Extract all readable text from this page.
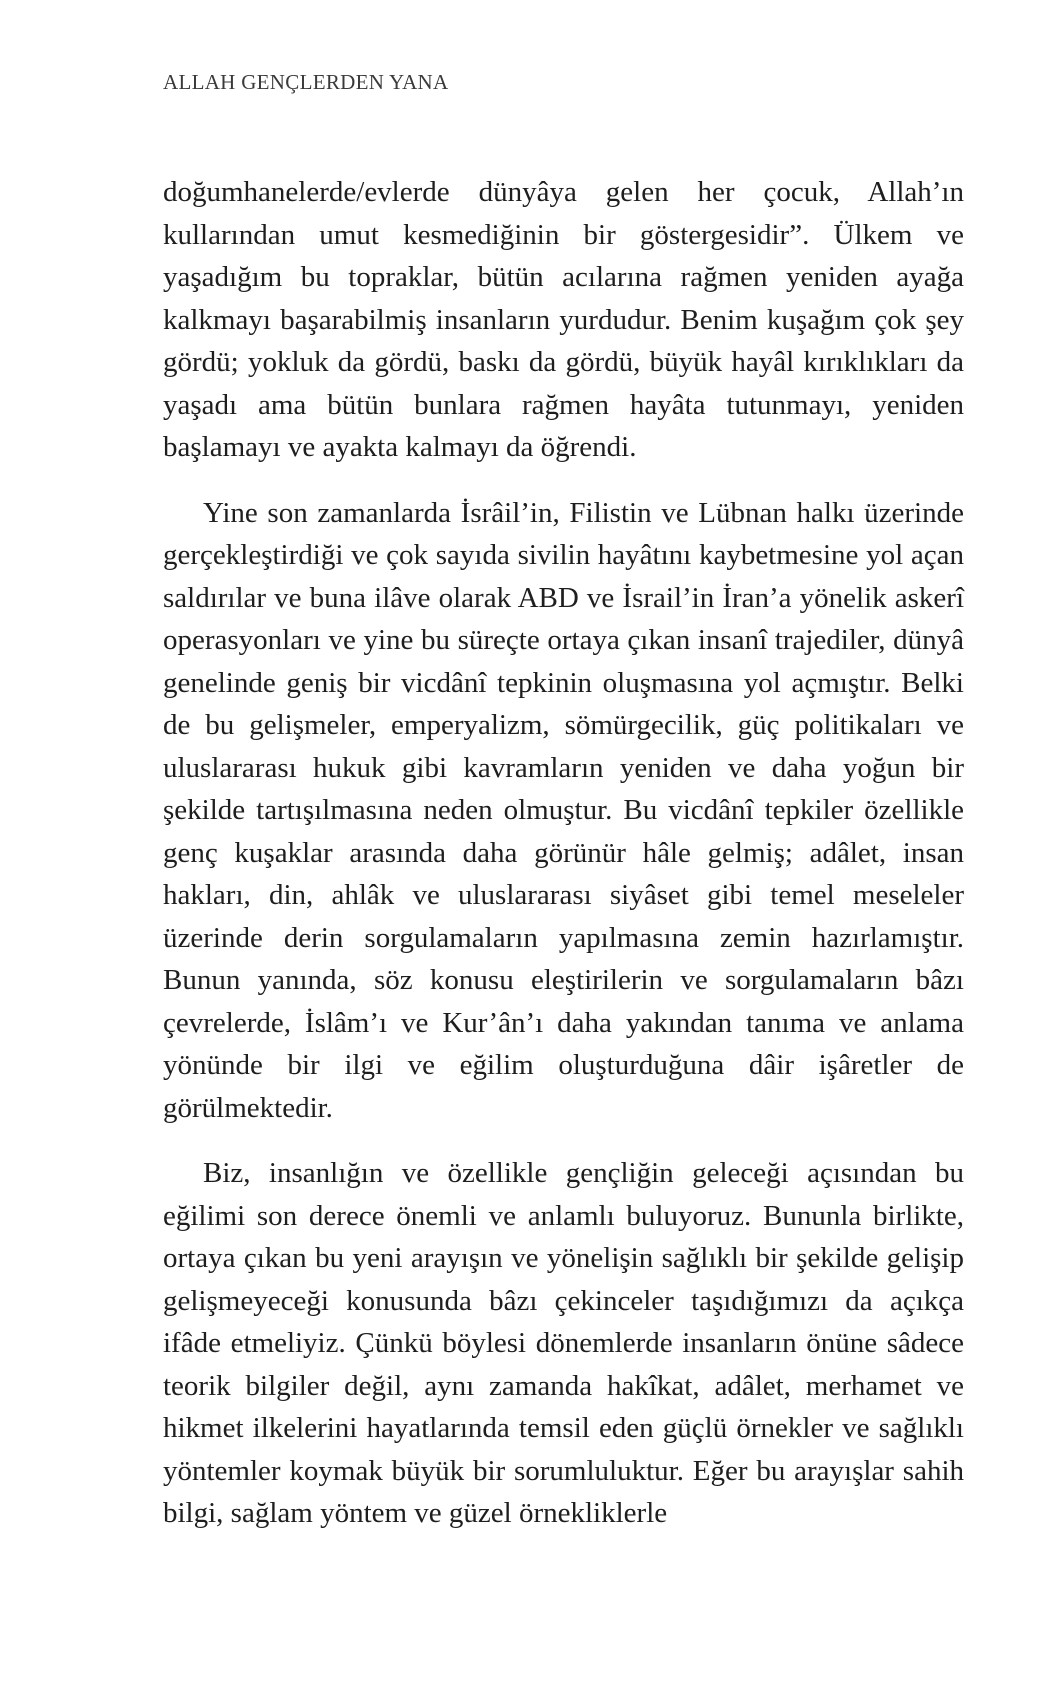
ALLAH GENÇLERDEN YANA

doğumhanelerde/evlerde dünyâya gelen her çocuk, Allah’ın kullarından umut kesmediğinin bir göstergesidir”. Ülkem ve yaşadığım bu topraklar, bütün acılarına rağmen yeniden ayağa kalkmayı başarabilmiş insanların yurdudur. Benim kuşağım çok şey gördü; yokluk da gördü, baskı da gördü, büyük hayâl kırıklıkları da yaşadı ama bütün bunlara rağmen hayâta tutunmayı, yeniden başlamayı ve ayakta kalmayı da öğrendi.

Yine son zamanlarda İsrâil’in, Filistin ve Lübnan halkı üzerinde gerçekleştirdiği ve çok sayıda sivilin hayâtını kaybetmesine yol açan saldırılar ve buna ilâve olarak ABD ve İsrail’in İran’a yönelik askerî operasyonları ve yine bu süreçte ortaya çıkan insanî trajediler, dünyâ genelinde geniş bir vicdânî tepkinin oluşmasına yol açmıştır. Belki de bu gelişmeler, emperyalizm, sömürgecilik, güç politikaları ve uluslararası hukuk gibi kavramların yeniden ve daha yoğun bir şekilde tartışılmasına neden olmuştur. Bu vicdânî tepkiler özellikle genç kuşaklar arasında daha görünür hâle gelmiş; adâlet, insan hakları, din, ahlâk ve uluslararası siyâset gibi temel meseleler üzerinde derin sorgulamaların yapılmasına zemin hazırlamıştır. Bunun yanında, söz konusu eleştirilerin ve sorgulamaların bâzı çevrelerde, İslâm’ı ve Kur’ân’ı daha yakından tanıma ve anlama yönünde bir ilgi ve eğilim oluşturduğuna dâir işâretler de görülmektedir.

Biz, insanlığın ve özellikle gençliğin geleceği açısından bu eğilimi son derece önemli ve anlamlı buluyoruz. Bununla birlikte, ortaya çıkan bu yeni arayışın ve yönelişin sağlıklı bir şekilde gelişip gelişmeyeceği konusunda bâzı çekinceler taşıdığımızı da açıkça ifâde etmeliyiz. Çünkü böylesi dönemlerde insanların önüne sâdece teorik bilgiler değil, aynı zamanda hakîkat, adâlet, merhamet ve hikmet ilkelerini hayatlarında temsil eden güçlü örnekler ve sağlıklı yöntemler koymak büyük bir sorumluluktur. Eğer bu arayışlar sahih bilgi, sağlam yöntem ve güzel örnekliklerle
